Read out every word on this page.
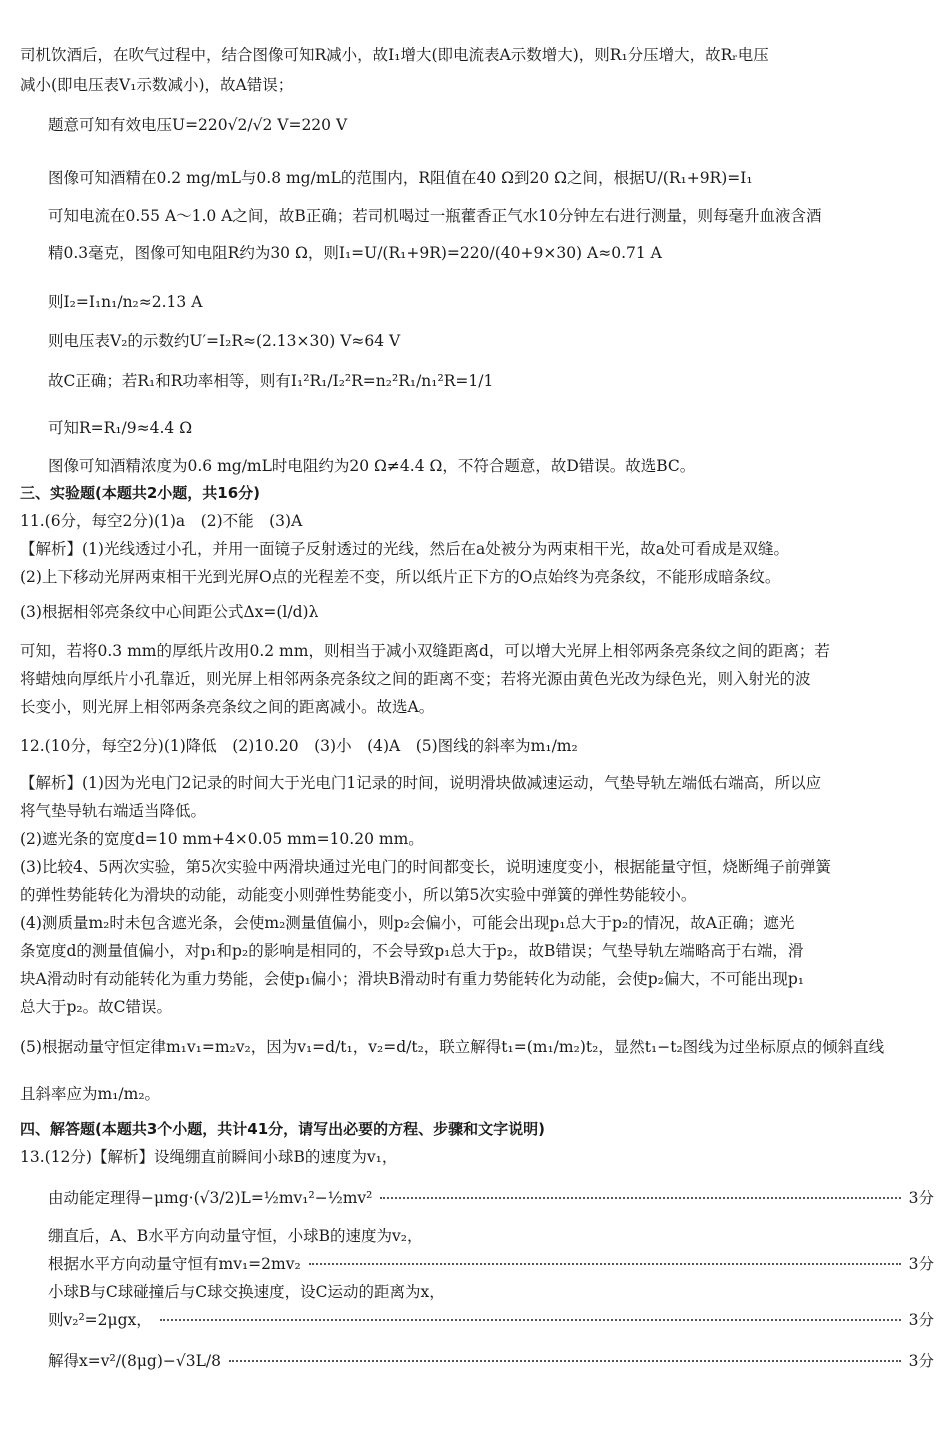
司机饮酒后，在吹气过程中，结合图像可知R减小，故I₁增大(即电流表A示数增大)，则R₁分压增大，故Rᵣ电压
减小(即电压表V₁示数减小)，故A错误；
题意可知有效电压U=220√2/√2 V=220 V
图像可知酒精在0.2 mg/mL与0.8 mg/mL的范围内，R阻值在40 Ω到20 Ω之间，根据U/(R₁+9R)=I₁
可知电流在0.55 A～1.0 A之间，故B正确；若司机喝过一瓶藿香正气水10分钟左右进行测量，则每毫升血液含酒
精0.3毫克，图像可知电阻R约为30 Ω，则I₁=U/(R₁+9R)=220/(40+9×30) A≈0.71 A
则I₂=I₁n₁/n₂≈2.13 A
则电压表V₂的示数约U′=I₂R≈(2.13×30) V≈64 V
故C正确；若R₁和R功率相等，则有I₁²R₁/I₂²R=n₂²R₁/n₁²R=1/1
可知R=R₁/9≈4.4 Ω
图像可知酒精浓度为0.6 mg/mL时电阻约为20 Ω≠4.4 Ω，不符合题意，故D错误。故选BC。
三、实验题(本题共2小题，共16分)
11.(6分，每空2分)(1)a　(2)不能　(3)A
【解析】(1)光线透过小孔，并用一面镜子反射透过的光线，然后在a处被分为两束相干光，故a处可看成是双缝。
(2)上下移动光屏两束相干光到光屏O点的光程差不变，所以纸片正下方的O点始终为亮条纹，不能形成暗条纹。
(3)根据相邻亮条纹中心间距公式Δx=(l/d)λ
可知，若将0.3 mm的厚纸片改用0.2 mm，则相当于减小双缝距离d，可以增大光屏上相邻两条亮条纹之间的距离；若
将蜡烛向厚纸片小孔靠近，则光屏上相邻两条亮条纹之间的距离不变；若将光源由黄色光改为绿色光，则入射光的波
长变小，则光屏上相邻两条亮条纹之间的距离减小。故选A。
12.(10分，每空2分)(1)降低　(2)10.20　(3)小　(4)A　(5)图线的斜率为m₁/m₂
【解析】(1)因为光电门2记录的时间大于光电门1记录的时间，说明滑块做减速运动，气垫导轨左端低右端高，所以应
将气垫导轨右端适当降低。
(2)遮光条的宽度d=10 mm+4×0.05 mm=10.20 mm。
(3)比较4、5两次实验，第5次实验中两滑块通过光电门的时间都变长，说明速度变小，根据能量守恒，烧断绳子前弹簧
的弹性势能转化为滑块的动能，动能变小则弹性势能变小，所以第5次实验中弹簧的弹性势能较小。
(4)测质量m₂时未包含遮光条，会使m₂测量值偏小，则p₂会偏小，可能会出现p₁总大于p₂的情况，故A正确；遮光
条宽度d的测量值偏小，对p₁和p₂的影响是相同的，不会导致p₁总大于p₂，故B错误；气垫导轨左端略高于右端，滑
块A滑动时有动能转化为重力势能，会使p₁偏小；滑块B滑动时有重力势能转化为动能，会使p₂偏大，不可能出现p₁
总大于p₂。故C错误。
(5)根据动量守恒定律m₁v₁=m₂v₂，因为v₁=d/t₁，v₂=d/t₂，联立解得t₁=(m₁/m₂)t₂，显然t₁−t₂图线为过坐标原点的倾斜直线
且斜率应为m₁/m₂。
四、解答题(本题共3个小题，共计41分，请写出必要的方程、步骤和文字说明)
13.(12分)【解析】设绳绷直前瞬间小球B的速度为v₁，
由动能定理得−μmg·(√3/2)L=½mv₁²−½mv²	3分
绷直后，A、B水平方向动量守恒，小球B的速度为v₂，
根据水平方向动量守恒有mv₁=2mv₂	3分
小球B与C球碰撞后与C球交换速度，设C运动的距离为x，
则v₂²=2μgx，	3分
解得x=v²/(8μg)−√3L/8	3分
